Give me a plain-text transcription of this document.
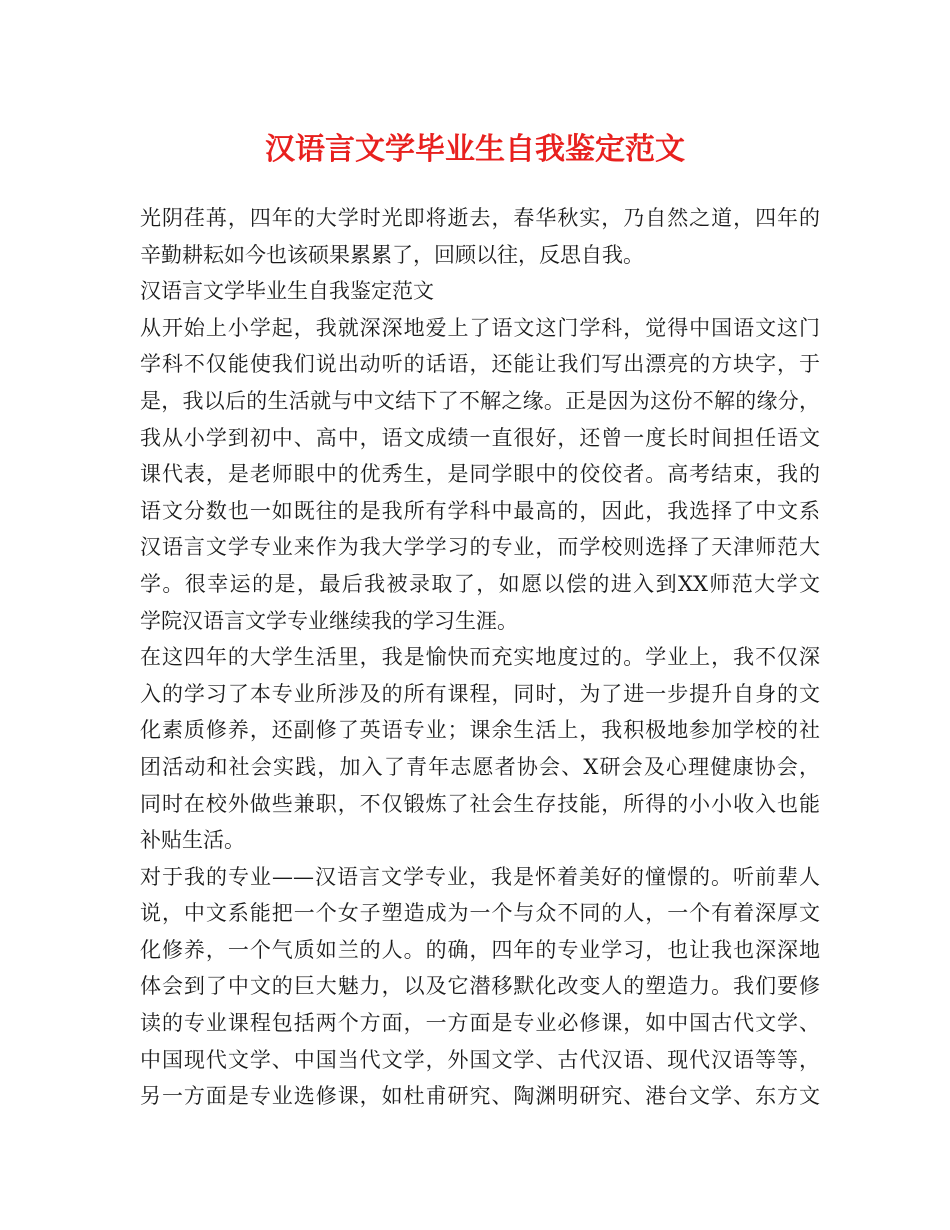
汉语言文学毕业生自我鉴定范文
光阴荏苒，四年的大学时光即将逝去，春华秋实，乃自然之道，四年的
辛勤耕耘如今也该硕果累累了，回顾以往，反思自我。
汉语言文学毕业生自我鉴定范文
从开始上小学起，我就深深地爱上了语文这门学科，觉得中国语文这门
学科不仅能使我们说出动听的话语，还能让我们写出漂亮的方块字，于
是，我以后的生活就与中文结下了不解之缘。正是因为这份不解的缘分，
我从小学到初中、高中，语文成绩一直很好，还曾一度长时间担任语文
课代表，是老师眼中的优秀生，是同学眼中的佼佼者。高考结束，我的
语文分数也一如既往的是我所有学科中最高的，因此，我选择了中文系
汉语言文学专业来作为我大学学习的专业，而学校则选择了天津师范大
学。很幸运的是，最后我被录取了，如愿以偿的进入到XX师范大学文
学院汉语言文学专业继续我的学习生涯。
在这四年的大学生活里，我是愉快而充实地度过的。学业上，我不仅深
入的学习了本专业所涉及的所有课程，同时，为了进一步提升自身的文
化素质修养，还副修了英语专业；课余生活上，我积极地参加学校的社
团活动和社会实践，加入了青年志愿者协会、X研会及心理健康协会，
同时在校外做些兼职，不仅锻炼了社会生存技能，所得的小小收入也能
补贴生活。
对于我的专业——汉语言文学专业，我是怀着美好的憧憬的。听前辈人
说，中文系能把一个女子塑造成为一个与众不同的人，一个有着深厚文
化修养，一个气质如兰的人。的确，四年的专业学习，也让我也深深地
体会到了中文的巨大魅力，以及它潜移默化改变人的塑造力。我们要修
读的专业课程包括两个方面，一方面是专业必修课，如中国古代文学、
中国现代文学、中国当代文学，外国文学、古代汉语、现代汉语等等，
另一方面是专业选修课，如杜甫研究、陶渊明研究、港台文学、东方文
